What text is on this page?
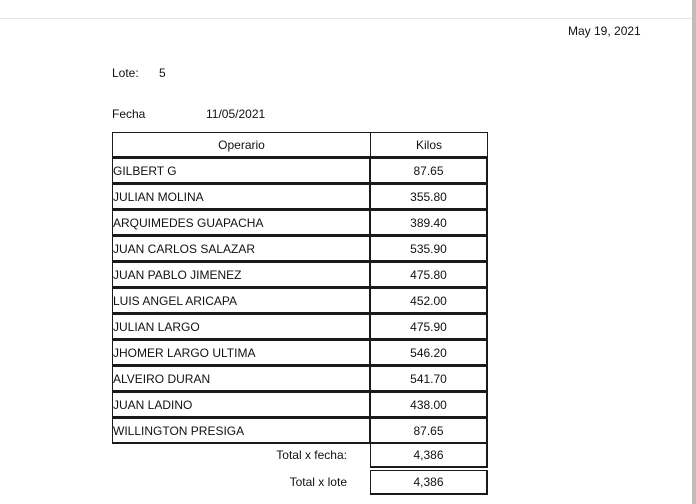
May 19, 2021
Lote: 5
Fecha	11/05/2021
Operario	Kilos
GILBERT G	87.65
JULIAN MOLINA	355.80
ARQUIMEDES GUAPACHA	389.40
JUAN CARLOS SALAZAR	535.90
JUAN PABLO JIMENEZ	475.80
LUIS ANGEL ARICAPA	452.00
JULIAN LARGO	475.90
JHOMER LARGO ULTIMA	546.20
ALVEIRO DURAN	541.70
JUAN LADINO	438.00
WILLINGTON PRESIGA	87.65
Total x fecha:	4,386
Total x lote	4,386
